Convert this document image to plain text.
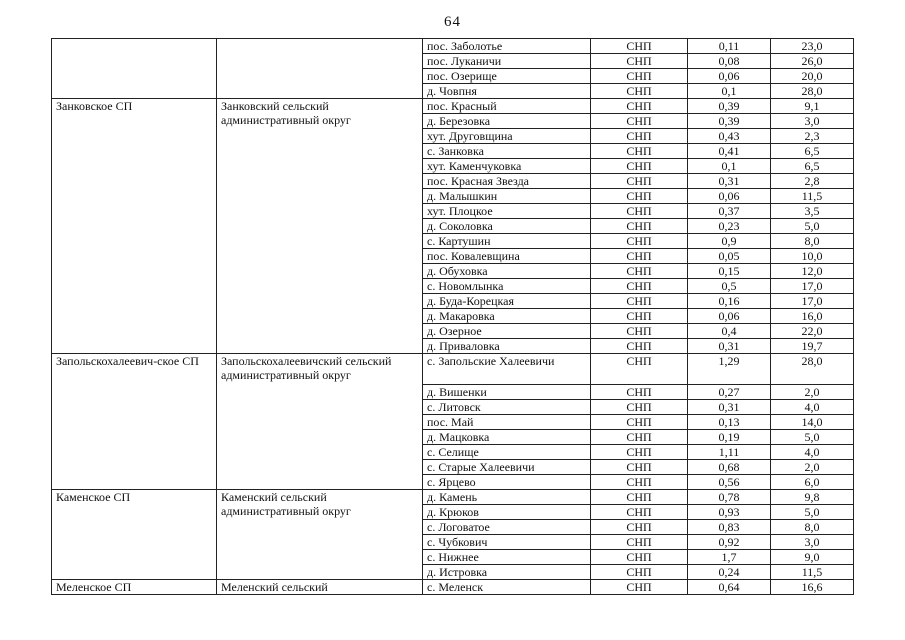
64
		пос. Заболотье	СНП	0,11	23,0
		пос. Луканичи	СНП	0,08	26,0
		пос. Озерище	СНП	0,06	20,0
		д. Човпня	СНП	0,1	28,0
Занковское СП	Занковский сельский административный округ	пос. Красный	СНП	0,39	9,1
		д. Березовка	СНП	0,39	3,0
		хут. Друговщина	СНП	0,43	2,3
		с. Занковка	СНП	0,41	6,5
		хут. Каменчуковка	СНП	0,1	6,5
		пос. Красная Звезда	СНП	0,31	2,8
		д. Малышкин	СНП	0,06	11,5
		хут. Плоцкое	СНП	0,37	3,5
		д. Соколовка	СНП	0,23	5,0
		с. Картушин	СНП	0,9	8,0
		пос. Ковалевщина	СНП	0,05	10,0
		д. Обуховка	СНП	0,15	12,0
		с. Новомлынка	СНП	0,5	17,0
		д. Буда-Корецкая	СНП	0,16	17,0
		д. Макаровка	СНП	0,06	16,0
		д. Озерное	СНП	0,4	22,0
		д. Приваловка	СНП	0,31	19,7
Запольскохалеевич-ское СП	Запольскохалеевичский сельский административный округ	с. Запольские Халеевичи	СНП	1,29	28,0
		д. Вишенки	СНП	0,27	2,0
		с. Литовск	СНП	0,31	4,0
		пос. Май	СНП	0,13	14,0
		д. Мацковка	СНП	0,19	5,0
		с. Селище	СНП	1,11	4,0
		с. Старые Халеевичи	СНП	0,68	2,0
		с. Ярцево	СНП	0,56	6,0
Каменское СП	Каменский сельский административный округ	д. Камень	СНП	0,78	9,8
		д. Крюков	СНП	0,93	5,0
		с. Логоватое	СНП	0,83	8,0
		с. Чубкович	СНП	0,92	3,0
		с. Нижнее	СНП	1,7	9,0
		д. Истровка	СНП	0,24	11,5
Меленское СП	Меленский сельский	с. Меленск	СНП	0,64	16,6
